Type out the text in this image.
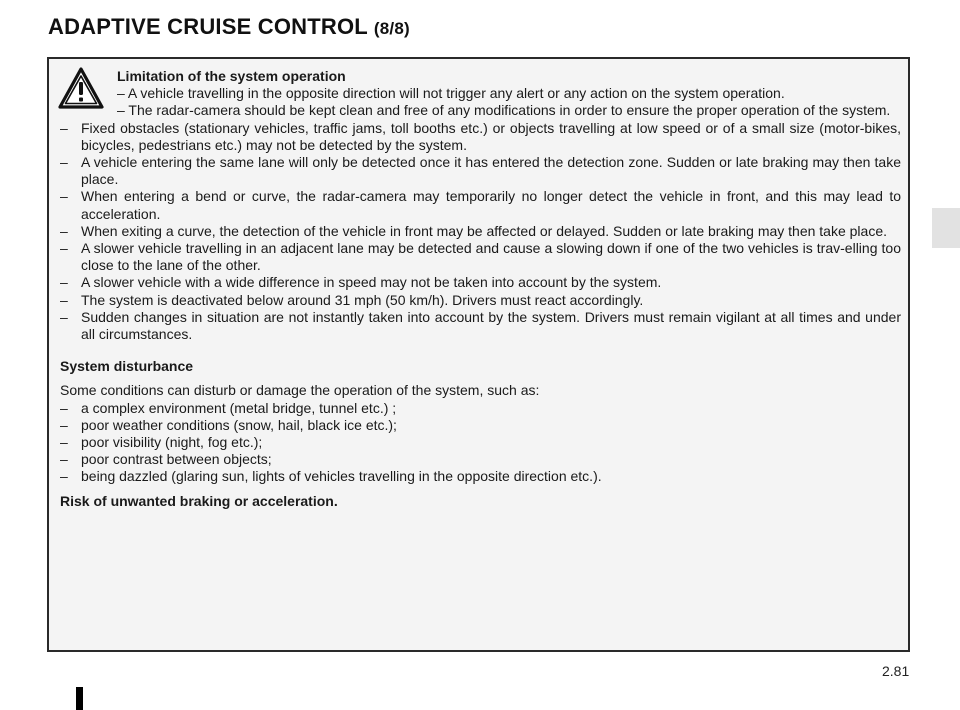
ADAPTIVE CRUISE CONTROL (8/8)
Limitation of the system operation
– A vehicle travelling in the opposite direction will not trigger any alert or any action on the system operation.
– The radar-camera should be kept clean and free of any modifications in order to ensure the proper operation of the system.
– Fixed obstacles (stationary vehicles, traffic jams, toll booths etc.) or objects travelling at low speed or of a small size (motor-bikes, bicycles, pedestrians etc.) may not be detected by the system.
– A vehicle entering the same lane will only be detected once it has entered the detection zone. Sudden or late braking may then take place.
– When entering a bend or curve, the radar-camera may temporarily no longer detect the vehicle in front, and this may lead to acceleration.
– When exiting a curve, the detection of the vehicle in front may be affected or delayed. Sudden or late braking may then take place.
– A slower vehicle travelling in an adjacent lane may be detected and cause a slowing down if one of the two vehicles is trav-elling too close to the lane of the other.
– A slower vehicle with a wide difference in speed may not be taken into account by the system.
– The system is deactivated below around 31 mph (50 km/h). Drivers must react accordingly.
– Sudden changes in situation are not instantly taken into account by the system. Drivers must remain vigilant at all times and under all circumstances.

System disturbance

Some conditions can disturb or damage the operation of the system, such as:

– a complex environment (metal bridge, tunnel etc.) ;
– poor weather conditions (snow, hail, black ice etc.);
– poor visibility (night, fog etc.);
– poor contrast between objects;
– being dazzled (glaring sun, lights of vehicles travelling in the opposite direction etc.).

Risk of unwanted braking or acceleration.

2.81
